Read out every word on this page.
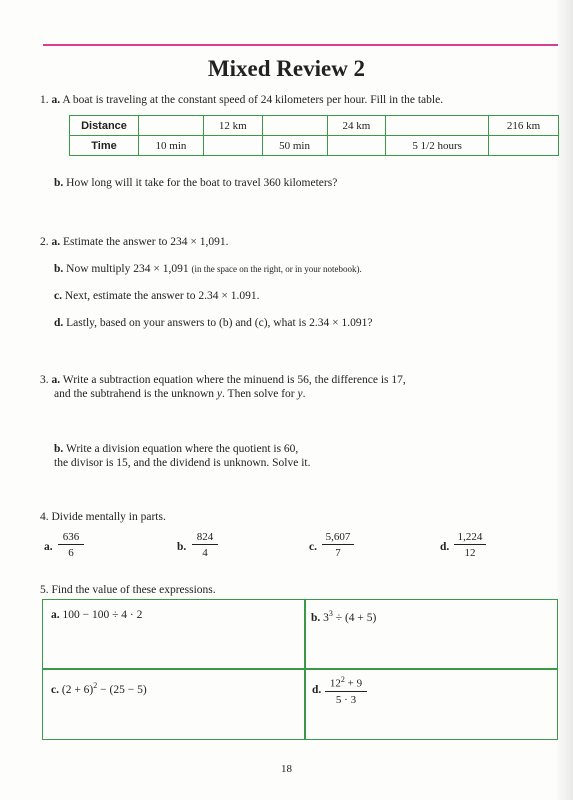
Mixed Review 2
1. a. A boat is traveling at the constant speed of 24 kilometers per hour. Fill in the table.
Distance		12 km		24 km		216 km
Time	10 min		50 min		5 1/2 hours	
b. How long will it take for the boat to travel 360 kilometers?
2. a. Estimate the answer to 234 × 1,091.
b. Now multiply 234 × 1,091 (in the space on the right, or in your notebook).
c. Next, estimate the answer to 2.34 × 1.091.
d. Lastly, based on your answers to (b) and (c), what is 2.34 × 1.091?
3. a. Write a subtraction equation where the minuend is 56, the difference is 17,
and the subtrahend is the unknown y. Then solve for y.
b. Write a division equation where the quotient is 60,
the divisor is 15, and the dividend is unknown. Solve it.
4. Divide mentally in parts.
a. $\frac{636}{6}$	b. $\frac{824}{4}$	c. $\frac{5,607}{7}$	d. $\frac{1,224}{12}$
5. Find the value of these expressions.
a. 100 − 100 ÷ 4 · 2	b. $3^3 \div (4 + 5)$
c. $(2 + 6)^2 - (25 - 5)$	d. $\frac{12^2 + 9}{5 \cdot 3}$
18
